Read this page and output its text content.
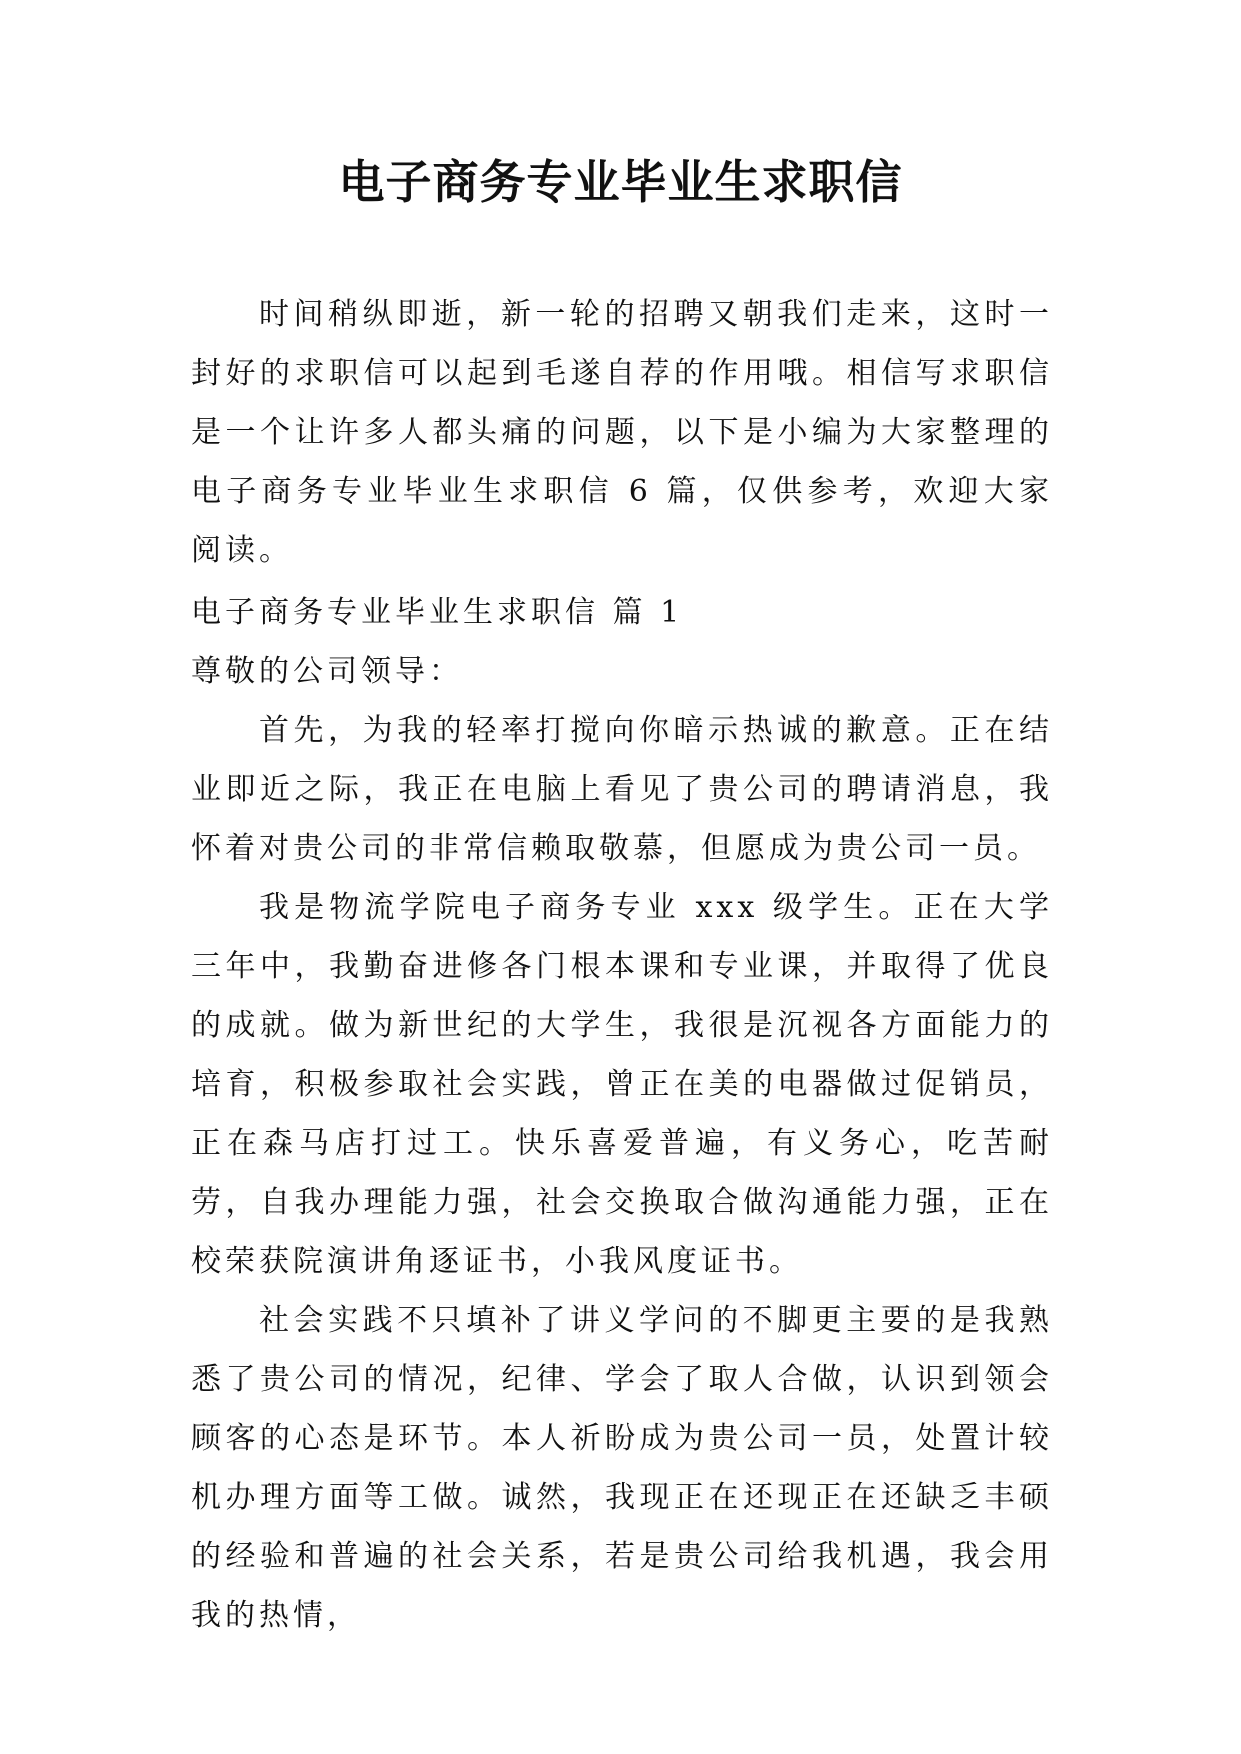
电子商务专业毕业生求职信

时间稍纵即逝，新一轮的招聘又朝我们走来，这时一封好的求职信可以起到毛遂自荐的作用哦。相信写求职信是一个让许多人都头痛的问题，以下是小编为大家整理的电子商务专业毕业生求职信 6 篇，仅供参考，欢迎大家阅读。

电子商务专业毕业生求职信 篇 1

尊敬的公司领导：

首先，为我的轻率打搅向你暗示热诚的歉意。正在结业即近之际，我正在电脑上看见了贵公司的聘请消息，我怀着对贵公司的非常信赖取敬慕，但愿成为贵公司一员。

我是物流学院电子商务专业 xxx 级学生。正在大学三年中，我勤奋进修各门根本课和专业课，并取得了优良的成就。做为新世纪的大学生，我很是沉视各方面能力的培育，积极参取社会实践，曾正在美的电器做过促销员，正在森马店打过工。快乐喜爱普遍，有义务心，吃苦耐劳，自我办理能力强，社会交换取合做沟通能力强，正在校荣获院演讲角逐证书，小我风度证书。

社会实践不只填补了讲义学问的不脚更主要的是我熟悉了贵公司的情况，纪律、学会了取人合做，认识到领会顾客的心态是环节。本人祈盼成为贵公司一员，处置计较机办理方面等工做。诚然，我现正在还现正在还缺乏丰硕的经验和普遍的社会关系，若是贵公司给我机遇，我会用我的热情，
